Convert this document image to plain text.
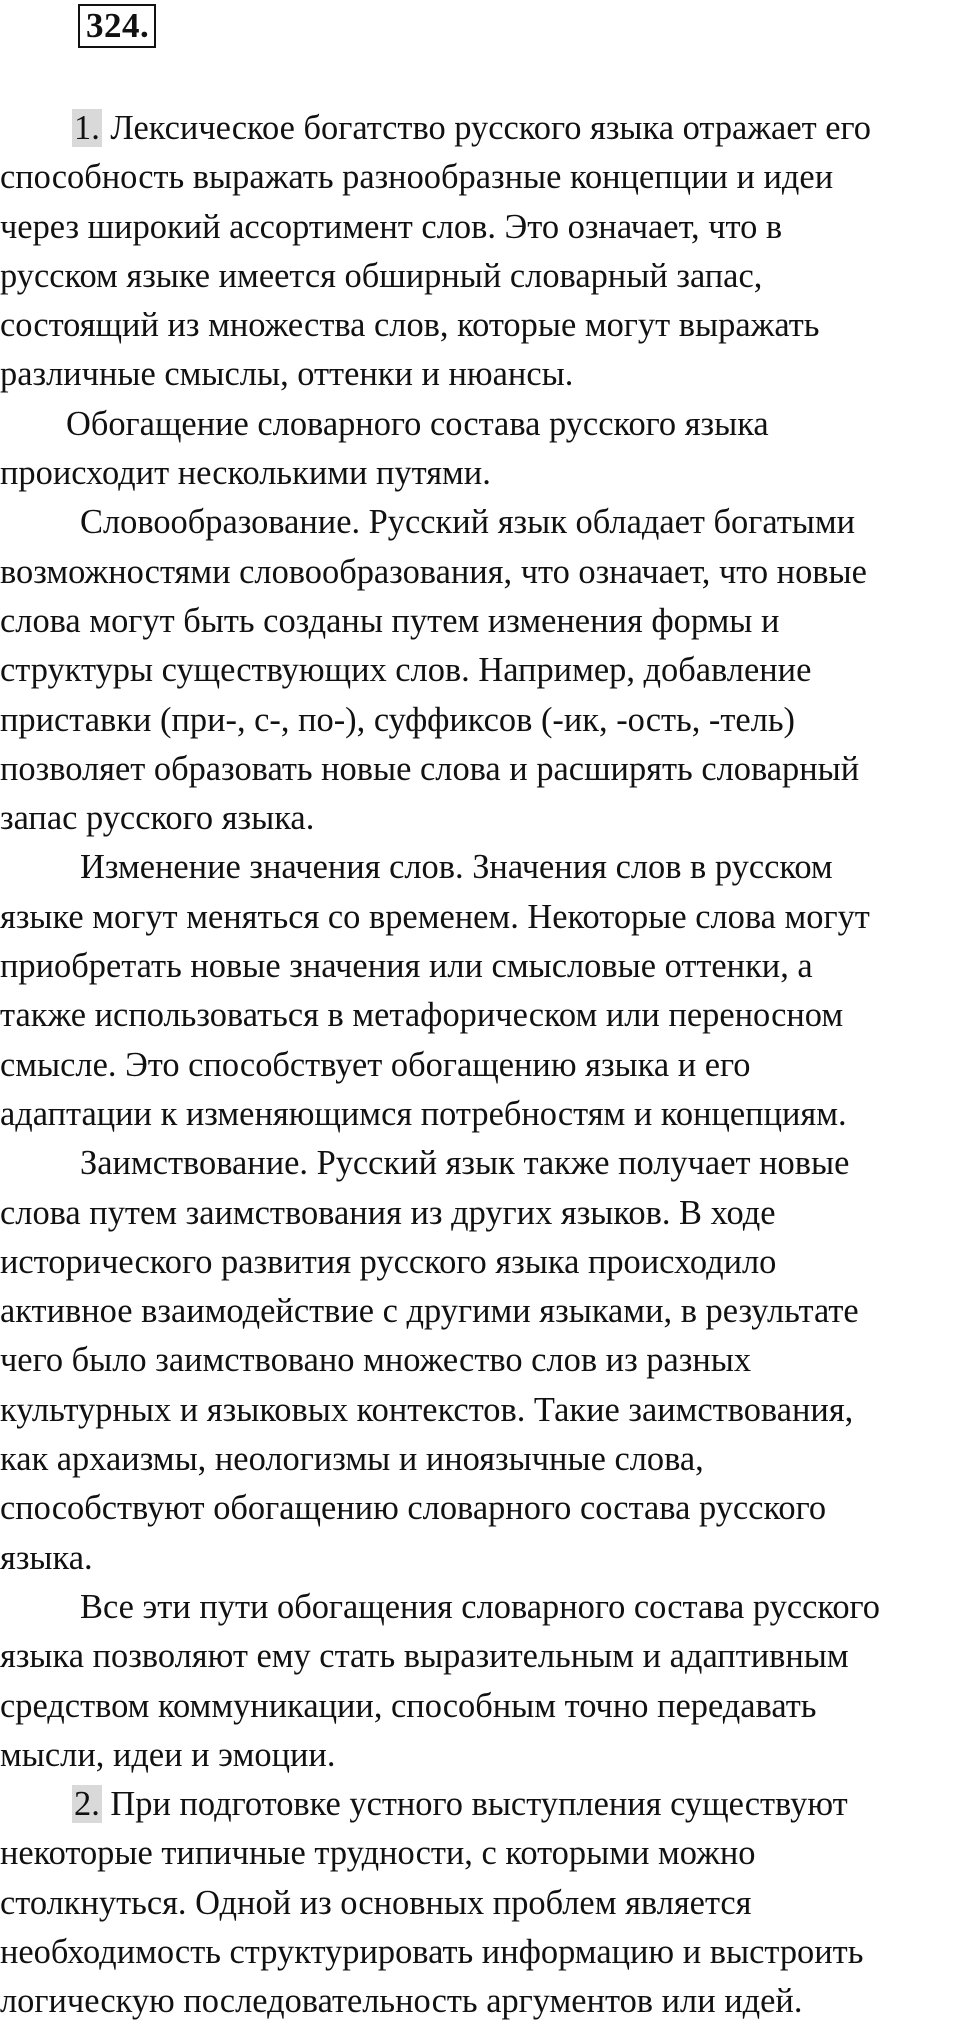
324.
1. Лексическое богатство русского языка отражает его
способность выражать разнообразные концепции и идеи
через широкий ассортимент слов. Это означает, что в
русском языке имеется обширный словарный запас,
состоящий из множества слов, которые могут выражать
различные смыслы, оттенки и нюансы.
Обогащение словарного состава русского языка
происходит несколькими путями.
Словообразование. Русский язык обладает богатыми
возможностями словообразования, что означает, что новые
слова могут быть созданы путем изменения формы и
структуры существующих слов. Например, добавление
приставки (при-, с-, по-), суффиксов (-ик, -ость, -тель)
позволяет образовать новые слова и расширять словарный
запас русского языка.
Изменение значения слов. Значения слов в русском
языке могут меняться со временем. Некоторые слова могут
приобретать новые значения или смысловые оттенки, а
также использоваться в метафорическом или переносном
смысле. Это способствует обогащению языка и его
адаптации к изменяющимся потребностям и концепциям.
Заимствование. Русский язык также получает новые
слова путем заимствования из других языков. В ходе
исторического развития русского языка происходило
активное взаимодействие с другими языками, в результате
чего было заимствовано множество слов из разных
культурных и языковых контекстов. Такие заимствования,
как архаизмы, неологизмы и иноязычные слова,
способствуют обогащению словарного состава русского
языка.
Все эти пути обогащения словарного состава русского
языка позволяют ему стать выразительным и адаптивным
средством коммуникации, способным точно передавать
мысли, идеи и эмоции.
2. При подготовке устного выступления существуют
некоторые типичные трудности, с которыми можно
столкнуться. Одной из основных проблем является
необходимость структурировать информацию и выстроить
логическую последовательность аргументов или идей.
